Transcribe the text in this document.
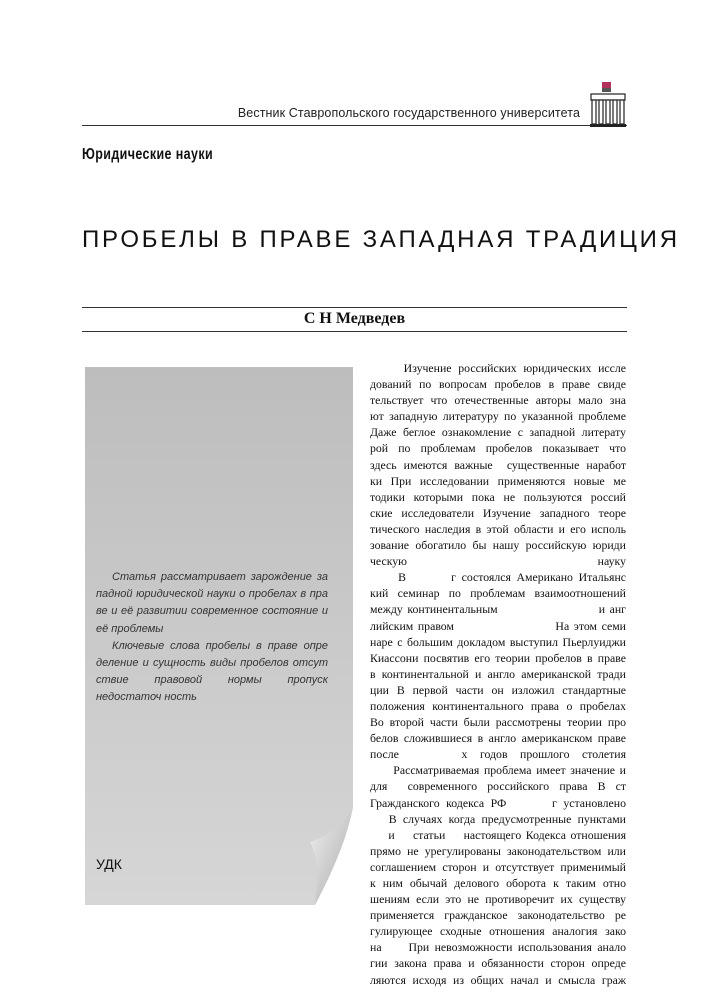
Вестник Ставропольского государственного университета
Юридические науки
ПРОБЕЛЫ В ПРАВЕ ЗАПАДНАЯ ТРАДИЦИЯ
С Н Медведев

Статья рассматривает зарождение за падной юридической науки о пробелах в пра ве и её развитии современное состояние и её проблемы

Ключевые слова пробелы в праве опре деление и сущность виды пробелов отсут ствие правовой нормы пропуск недостаточ ность

УДК
Изучение российских юридических иссле
дований по вопросам пробелов в праве свиде
тельствует что отечественные авторы мало зна
ют западную литературу по указанной проблеме
Даже беглое ознакомление с западной литерату
рой по проблемам пробелов показывает что
здесь имеются важные  существенные наработ
ки При исследовании применяются новые ме
тодики которыми пока не пользуются россий
ские исследователи Изучение западного теоре
тического наследия в этой области и его исполь
зование обогатило бы нашу российскую юриди
ческую науку
В        г состоялся Американо Итальянс
кий семинар по проблемам взаимоотношений
между континентальным                      и анг
лийским правом                      На этом семи
наре с большим докладом выступил Пьерлуиджи
Киассони посвятив его теории пробелов в праве
в континентальной и англо американской тради
ции В первой части он изложил стандартные
положения континентального права о пробелах
Во второй части были рассмотрены теории про
белов сложившиеся в англо американском праве
после     х годов прошлого столетия
Рассматриваемая проблема имеет значение и
для  современного российского права В ст
Гражданского кодекса РФ       г установлено
В случаях когда предусмотренные пунктами
и    статьи    настоящего Кодекса отношения
прямо не урегулированы законодательством или
соглашением сторон и отсутствует применимый
к ним обычай делового оборота к таким отно
шениям если это не противоречит их существу
применяется гражданское законодательство ре
гулирующее сходные отношения аналогия зако
на     При невозможности использования анало
гии закона права и обязанности сторон опреде
ляются исходя из общих начал и смысла граж
